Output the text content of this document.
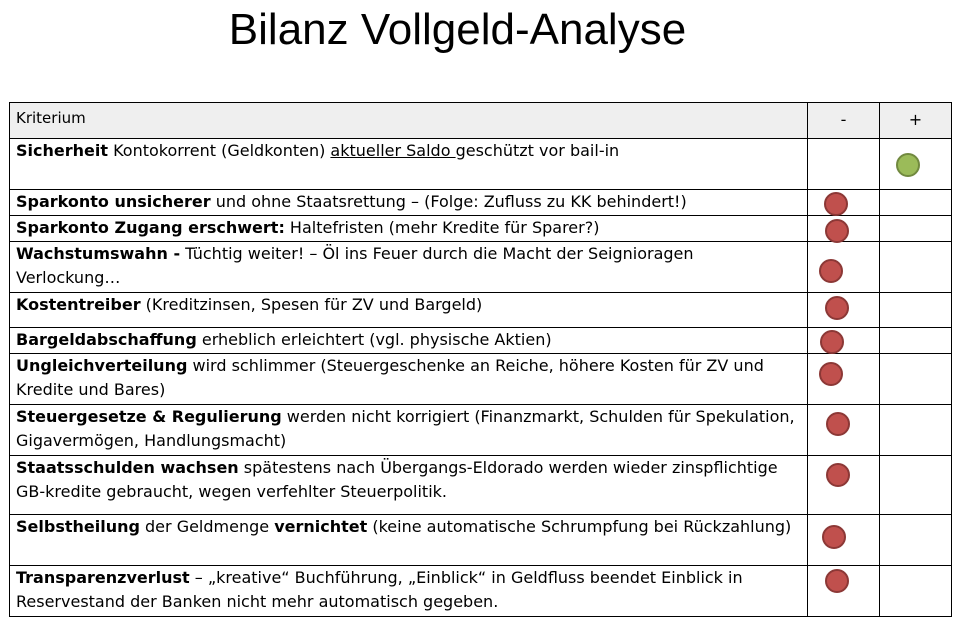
Bilanz Vollgeld-Analyse
Kriterium	-	+
Sicherheit Kontokorrent (Geldkonten) aktueller Saldo geschützt vor bail-in		

Sparkonto unsicherer und ohne Staatsrettung – (Folge: Zufluss zu KK behindert!)	

Sparkonto Zugang erschwert: Haltefristen (mehr Kredite für Sparer?)	

Wachstumswahn - Tüchtig weiter! – Öl ins Feuer durch die Macht der Seignioragen Verlockung…	

Kostentreiber (Kreditzinsen, Spesen für ZV und Bargeld)	

Bargeldabschaffung erheblich erleichtert (vgl. physische Aktien)	

Ungleichverteilung wird schlimmer (Steuergeschenke an Reiche, höhere Kosten für ZV und Kredite und Bares)	

Steuergesetze & Regulierung werden nicht korrigiert (Finanzmarkt, Schulden für Spekulation, Gigavermögen, Handlungsmacht)	

Staatsschulden wachsen spätestens nach Übergangs-Eldorado werden wieder zinspflichtige GB-kredite gebraucht, wegen verfehlter Steuerpolitik.	

Selbstheilung der Geldmenge vernichtet (keine automatische Schrumpfung bei Rückzahlung)	

Transparenzverlust – „kreative“ Buchführung, „Einblick“ in Geldfluss beendet Einblick in Reservestand der Banken nicht mehr automatisch gegeben.	
